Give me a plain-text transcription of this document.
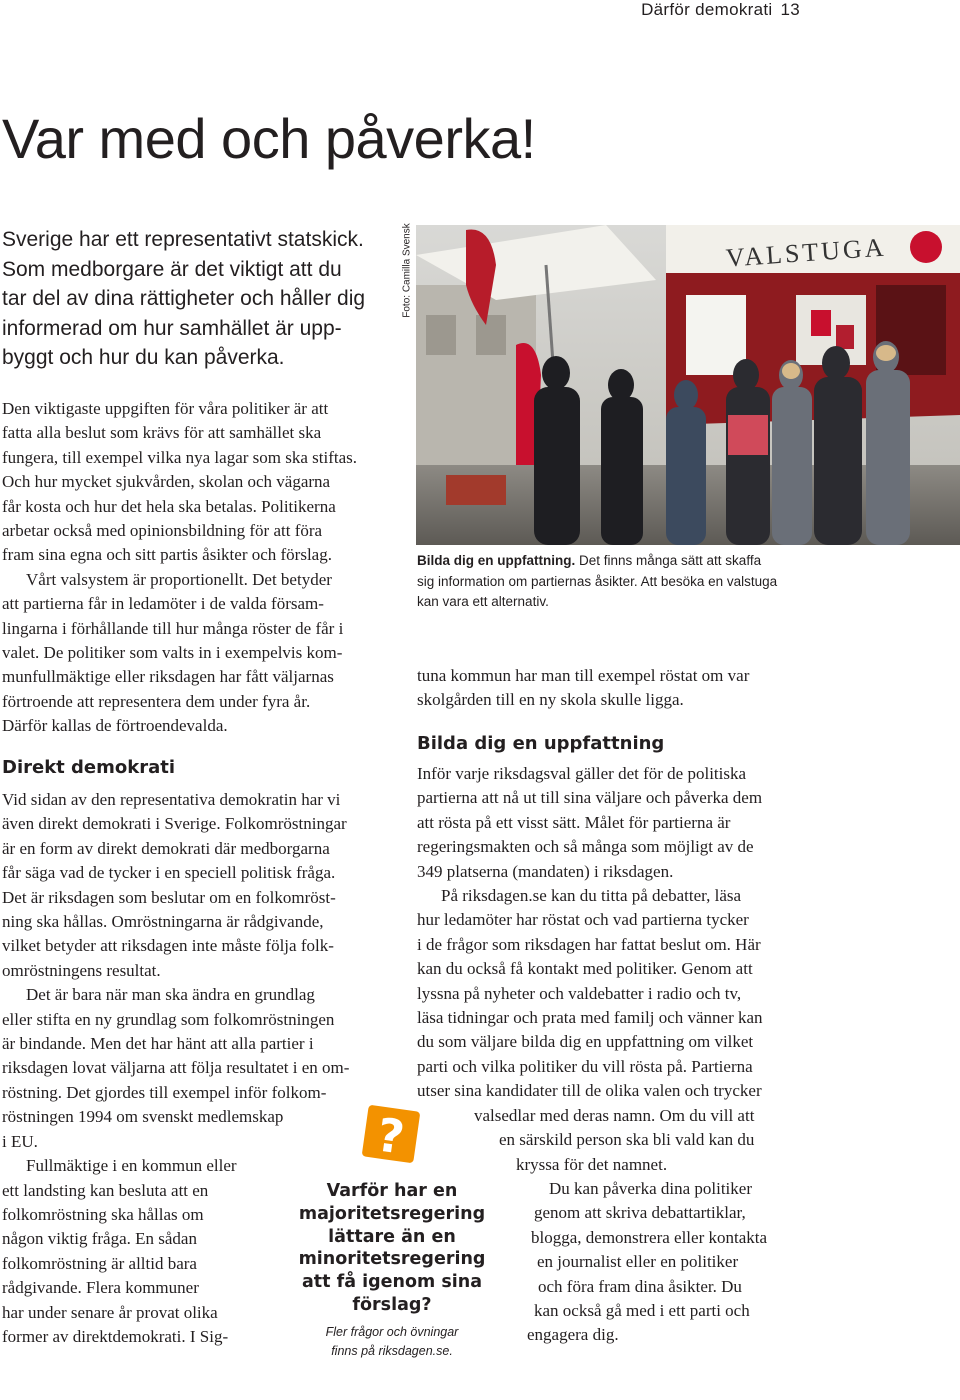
Därför demokrati 13
Var med och påverka!
Sverige har ett representativt statskick.
Som medborgare är det viktigt att du
tar del av dina rättigheter och håller dig
informerad om hur samhället är upp-
byggt och hur du kan påverka.
Foto: Camilla Svensk	VALSTUGA
Bilda dig en uppfattning. Det finns många sätt att skaffa
sig information om partiernas åsikter. Att besöka en valstuga
kan vara ett alternativ.
Den viktigaste uppgiften för våra politiker är att
fatta alla beslut som krävs för att samhället ska
fungera, till exempel vilka nya lagar som ska stiftas.
Och hur mycket sjukvården, skolan och vägarna
får kosta och hur det hela ska betalas. Politikerna
arbetar också med opinionsbildning för att föra
fram sina egna och sitt partis åsikter och förslag.
Vårt valsystem är proportionellt. Det betyder
att partierna får in ledamöter i de valda försam-
lingarna i förhållande till hur många röster de får i
valet. De politiker som valts in i exempelvis kom-
munfullmäktige eller riksdagen har fått väljarnas
förtroende att representera dem under fyra år.
Därför kallas de förtroendevalda.
Direkt demokrati
Vid sidan av den representativa demokratin har vi
även direkt demokrati i Sverige. Folkomröstningar
är en form av direkt demokrati där medborgarna
får säga vad de tycker i en speciell politisk fråga.
Det är riksdagen som beslutar om en folkomröst-
ning ska hållas. Omröstningarna är rådgivande,
vilket betyder att riksdagen inte måste följa folk-
omröstningens resultat.
Det är bara när man ska ändra en grundlag
eller stifta en ny grundlag som folkomröstningen
är bindande. Men det har hänt att alla partier i
riksdagen lovat väljarna att följa resultatet i en om-
röstning. Det gjordes till exempel inför folkom-
röstningen 1994 om svenskt medlemskap
i EU.
Fullmäktige i en kommun eller
ett landsting kan besluta att en
folkomröstning ska hållas om
någon viktig fråga. En sådan
folkomröstning är alltid bara
rådgivande. Flera kommuner
har under senare år provat olika
former av direktdemokrati. I Sig-
tuna kommun har man till exempel röstat om var
skolgården till en ny skola skulle ligga.
Bilda dig en uppfattning
Inför varje riksdagsval gäller det för de politiska
partierna att nå ut till sina väljare och påverka dem
att rösta på ett visst sätt. Målet för partierna är
regeringsmakten och så många som möjligt av de
349 platserna (mandaten) i riksdagen.
På riksdagen.se kan du titta på debatter, läsa
hur ledamöter har röstat och vad partierna tycker
i de frågor som riksdagen har fattat beslut om. Här
kan du också få kontakt med politiker. Genom att
lyssna på nyheter och valdebatter i radio och tv,
läsa tidningar och prata med familj och vänner kan
du som väljare bilda dig en uppfattning om vilket
parti och vilka politiker du vill rösta på. Partierna
utser sina kandidater till de olika valen och trycker
valsedlar med deras namn. Om du vill att
en särskild person ska bli vald kan du
kryssa för det namnet.
Du kan påverka dina politiker
genom att skriva debattartiklar,
blogga, demonstrera eller kontakta
en journalist eller en politiker
och föra fram dina åsikter. Du
kan också gå med i ett parti och
engagera dig.
?
Varför har en
majoritetsregering
lättare än en
minoritetsregering
att få igenom sina
förslag?
Fler frågor och övningar
finns på riksdagen.se.
